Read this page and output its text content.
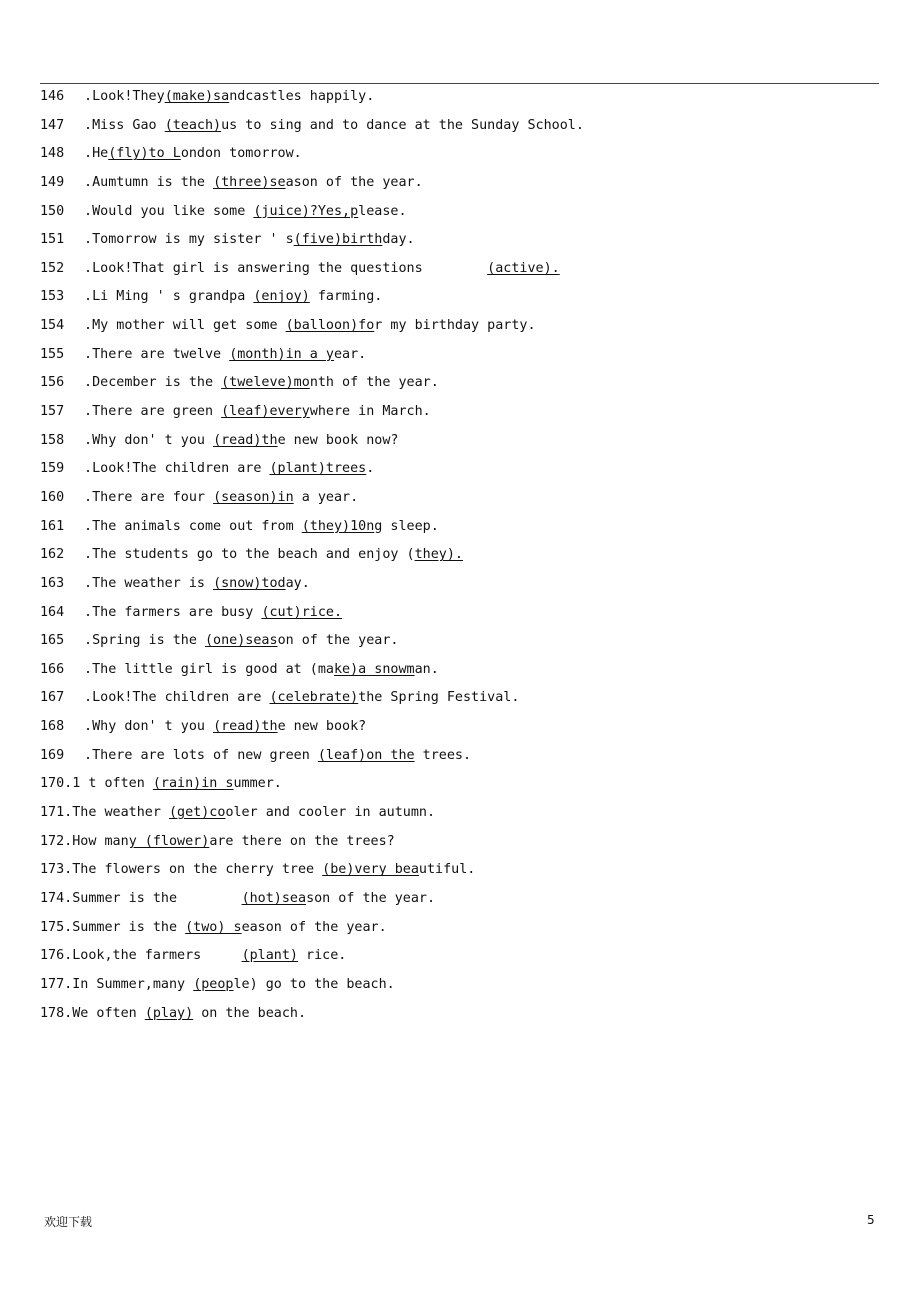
146 .Look!They(make)sandcastles happily.
147 .Miss Gao (teach)us to sing and to dance at the Sunday School.
148 .He(fly)to London tomorrow.
149 .Aumtumn is the (three)season of the year.
150 .Would you like some (juice)?Yes,please.
151 .Tomorrow is my sister ' s(five)birthday.
152 .Look!That girl is answering the questions        (active).
153 .Li Ming ' s grandpa (enjoy) farming.
154 .My mother will get some (balloon)for my birthday party.
155 .There are twelve (month)in a year.
156 .December is the (tweleve)month of the year.
157 .There are green (leaf)everywhere in March.
158 .Why don' t you (read)the new book now?
159 .Look!The children are (plant)trees.
160 .There are four (season)in a year.
161 .The animals come out from (they)10ng sleep.
162 .The students go to the beach and enjoy (they).
163 .The weather is (snow)today.
164 .The farmers are busy (cut)rice.
165 .Spring is the (one)season of the year.
166 .The little girl is good at (make)a snowman.
167 .Look!The children are (celebrate)the Spring Festival.
168 .Why don' t you (read)the new book?
169 .There are lots of new green (leaf)on the trees.
170.1 t often (rain)in summer.
171.The weather (get)cooler and cooler in autumn.
172.How many (flower)are there on the trees?
173.The flowers on the cherry tree (be)very beautiful.
174.Summer is the        (hot)season of the year.
175.Summer is the (two) season of the year.
176.Look,the farmers     (plant) rice.
177.In Summer,many (people) go to the beach.
178.We often (play) on the beach.
欢迎下载	5
